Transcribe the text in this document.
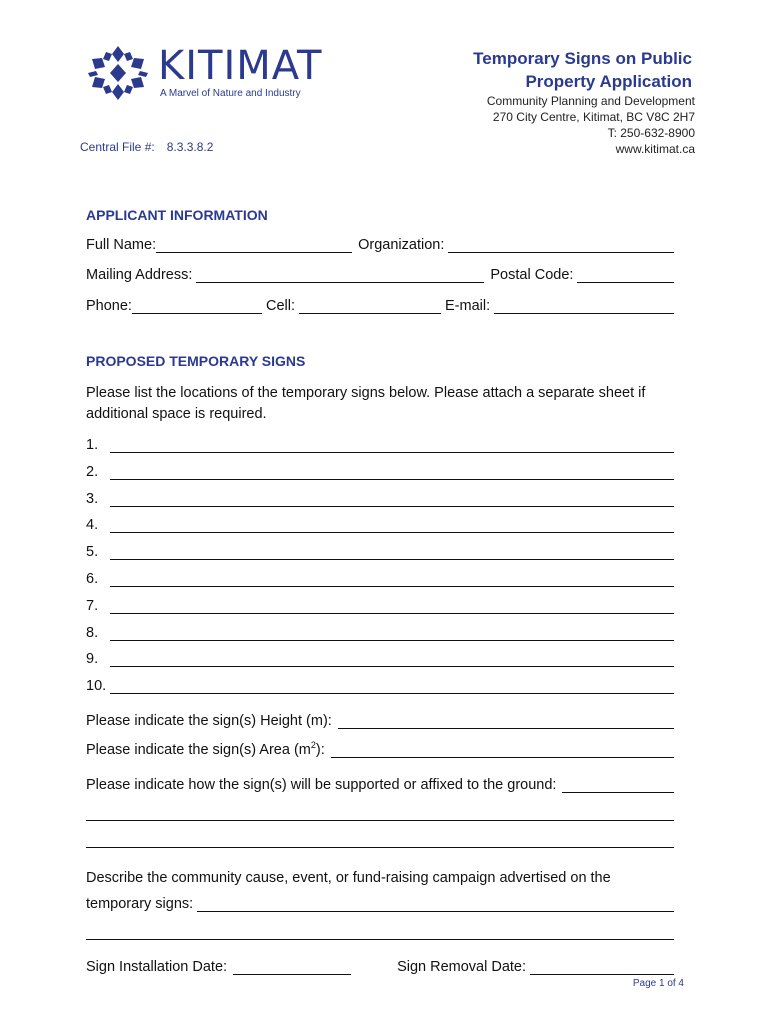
KITIMAT
A Marvel of Nature and Industry
Central File #: 8.3.3.8.2
Temporary Signs on Public
Property Application
Community Planning and Development
270 City Centre, Kitimat, BC V8C 2H7
T: 250-632-8900
www.kitimat.ca
APPLICANT INFORMATION
Full Name:	Organization:
Mailing Address:	Postal Code:
Phone:	Cell:	E-mail:
PROPOSED TEMPORARY SIGNS
Please list the locations of the temporary signs below. Please attach a separate sheet if
additional space is required.
1.
2.
3.
4.
5.
6.
7.
8.
9.
10.
Please indicate the sign(s) Height (m):
Please indicate the sign(s) Area $(m^2)$:
Please indicate how the sign(s) will be supported or affixed to the ground:
Describe the community cause, event, or fund-raising campaign advertised on the
temporary signs:
Sign Installation Date:	Sign Removal Date:
Page 1 of 4
